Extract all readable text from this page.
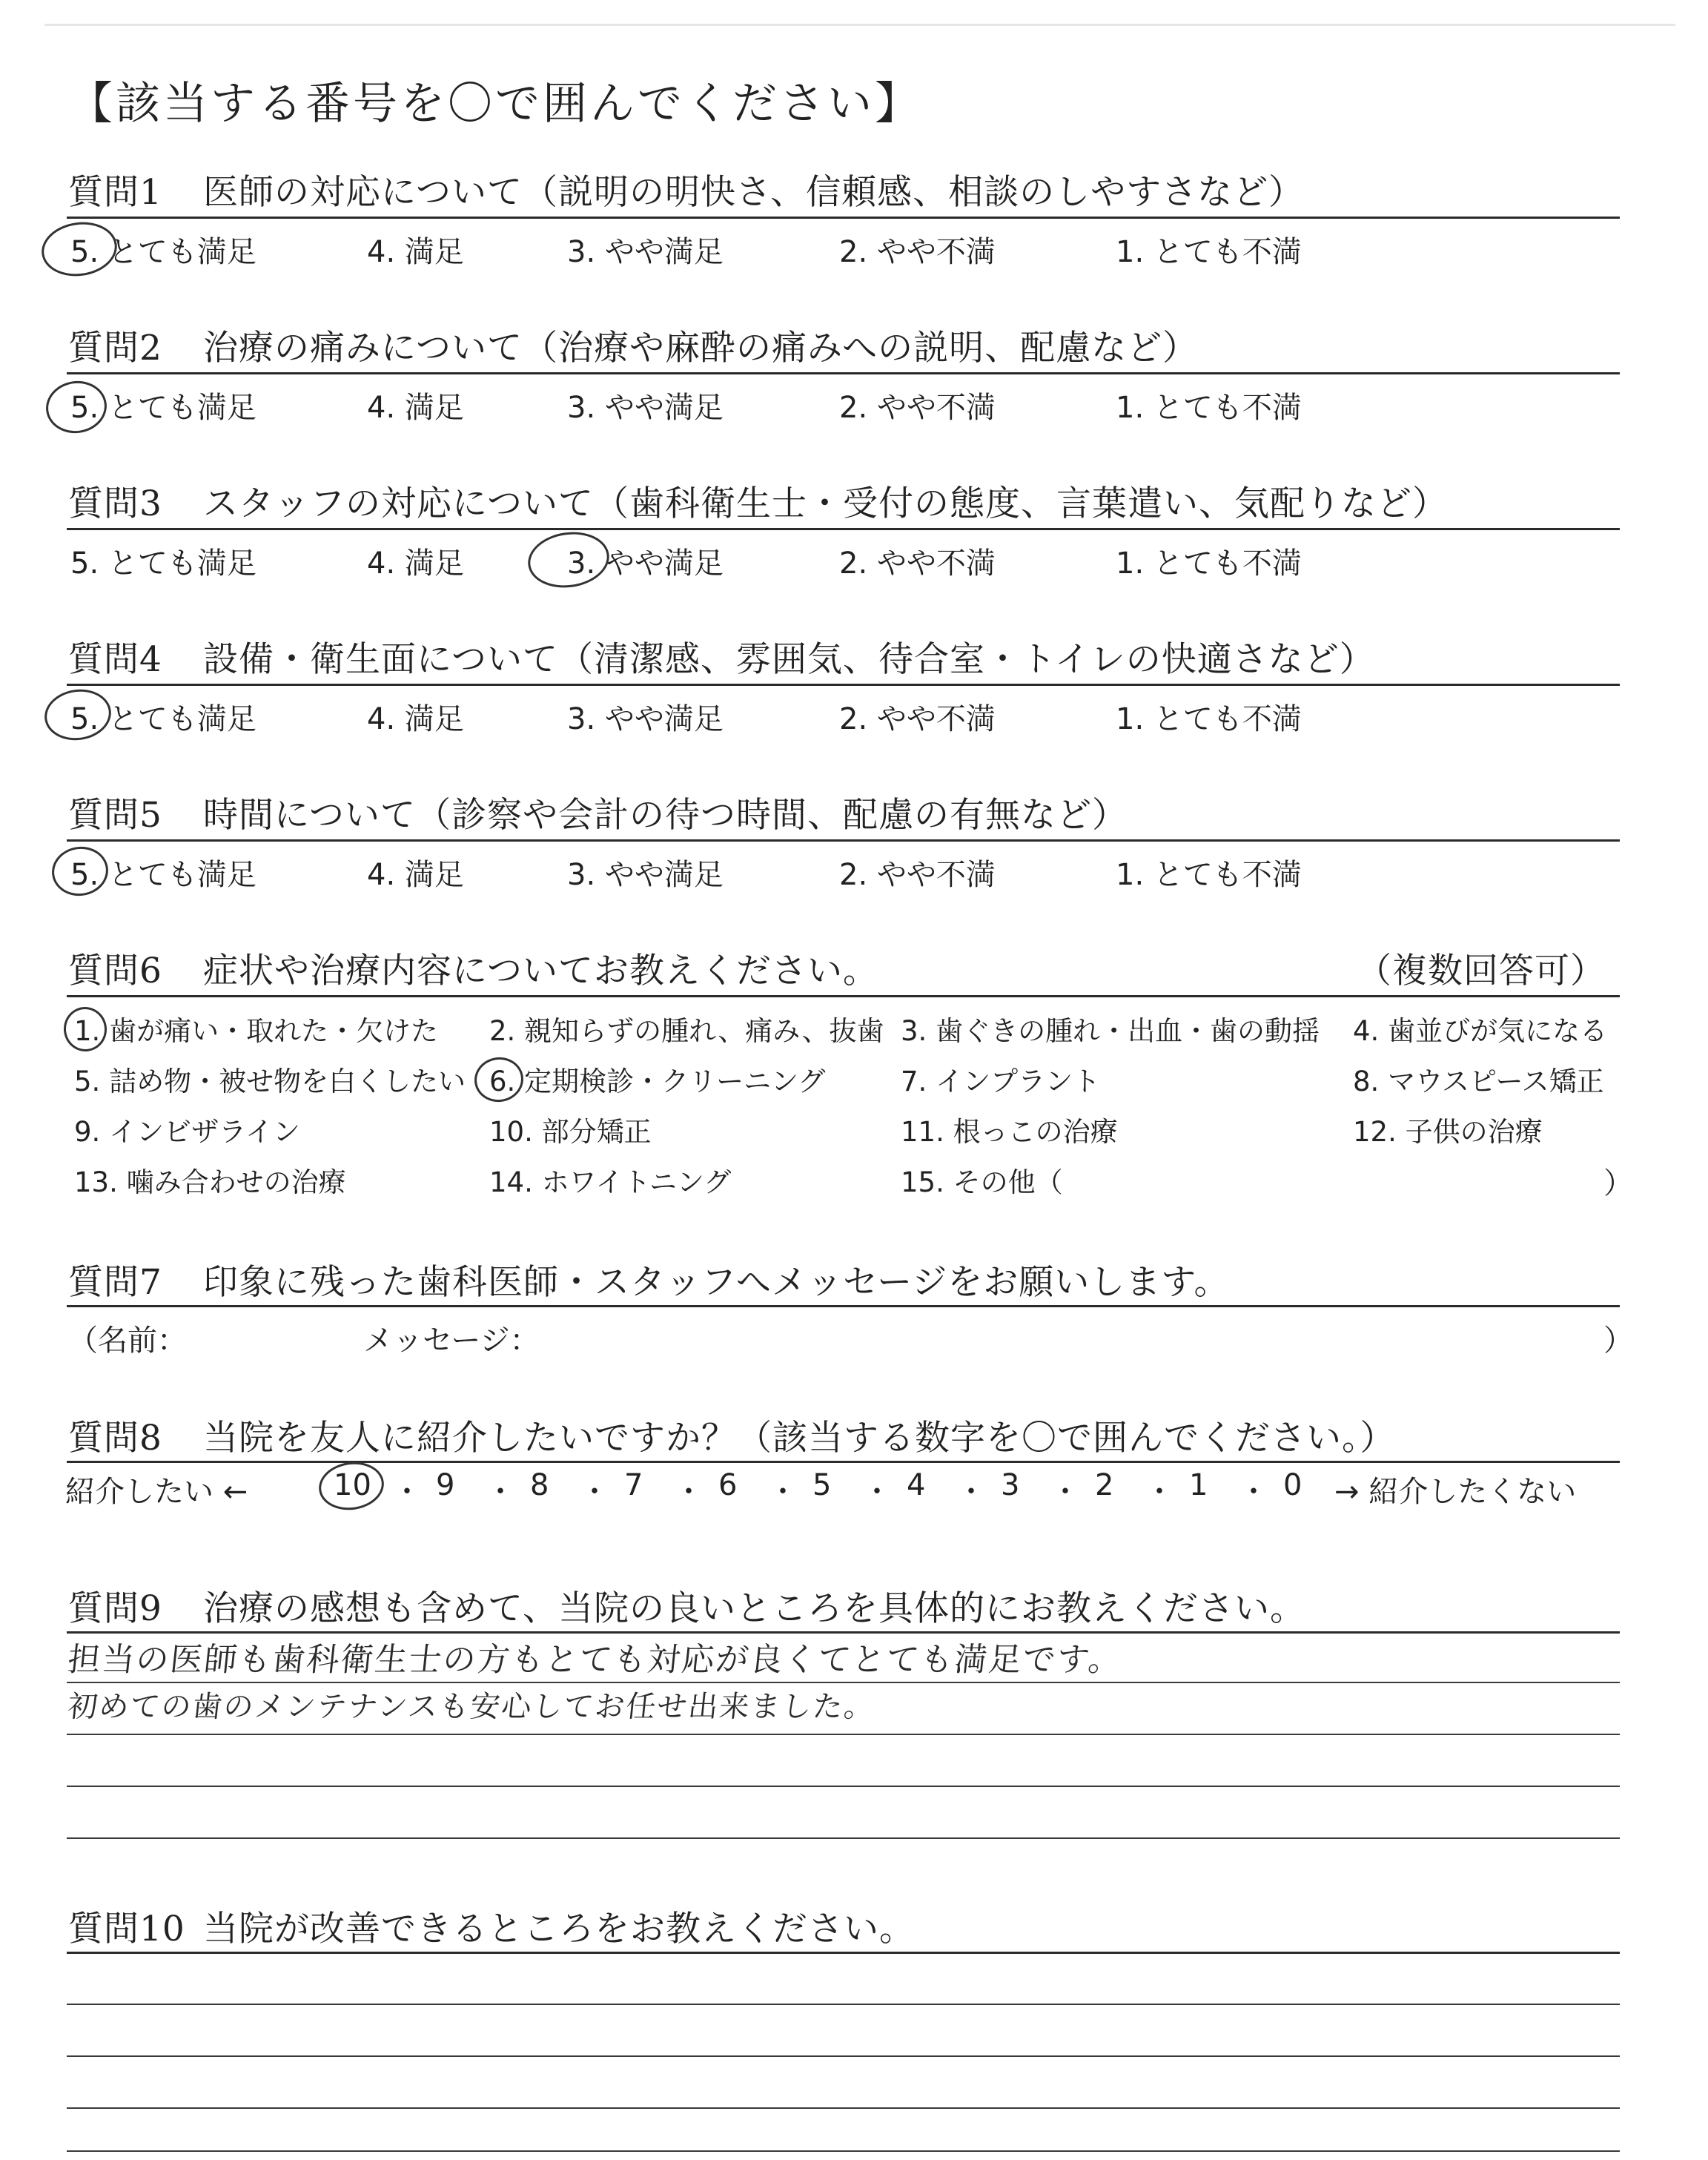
【該当する番号を〇で囲んでください】
質問1 医師の対応について（説明の明快さ、信頼感、相談のしやすさなど）
5. とても満足	4. 満足	3. やや満足	2. やや不満	1. とても不満
質問2 治療の痛みについて（治療や麻酔の痛みへの説明、配慮など）
5. とても満足	4. 満足	3. やや満足	2. やや不満	1. とても不満
質問3 スタッフの対応について（歯科衛生士・受付の態度、言葉遣い、気配りなど）
5. とても満足	4. 満足	3. やや満足	2. やや不満	1. とても不満
質問4 設備・衛生面について（清潔感、雰囲気、待合室・トイレの快適さなど）
5. とても満足	4. 満足	3. やや満足	2. やや不満	1. とても不満
質問5 時間について（診察や会計の待つ時間、配慮の有無など）
5. とても満足	4. 満足	3. やや満足	2. やや不満	1. とても不満
質問6 症状や治療内容についてお教えください。	（複数回答可）
1. 歯が痛い・取れた・欠けた 2. 親知らずの腫れ、痛み、抜歯 3. 歯ぐきの腫れ・出血・歯の動揺 4. 歯並びが気になる
5. 詰め物・被せ物を白くしたい 6. 定期検診・クリーニング	7. インプラント	8. マウスピース矯正
9. インビザライン	10. 部分矯正	11. 根っこの治療	12. 子供の治療
13. 噛み合わせの治療	14. ホワイトニング	15. その他（	）
質問7 印象に残った歯科医師・スタッフへメッセージをお願いします。
（名前：	メッセージ：	）
質問8 当院を友人に紹介したいですか？（該当する数字を〇で囲んでください。）
紹介したい ←	10 ・ 9 ・ 8 ・ 7 ・ 6 ・ 5 ・ 4 ・ 3 ・ 2 ・ 1 ・ 0 → 紹介したくない
質問9 治療の感想も含めて、当院の良いところを具体的にお教えください。
担当の医師も歯科衛生士の方もとても対応が良くてとても満足です。
初めての歯のメンテナンスも安心してお任せ出来ました。
質問10 当院が改善できるところをお教えください。
